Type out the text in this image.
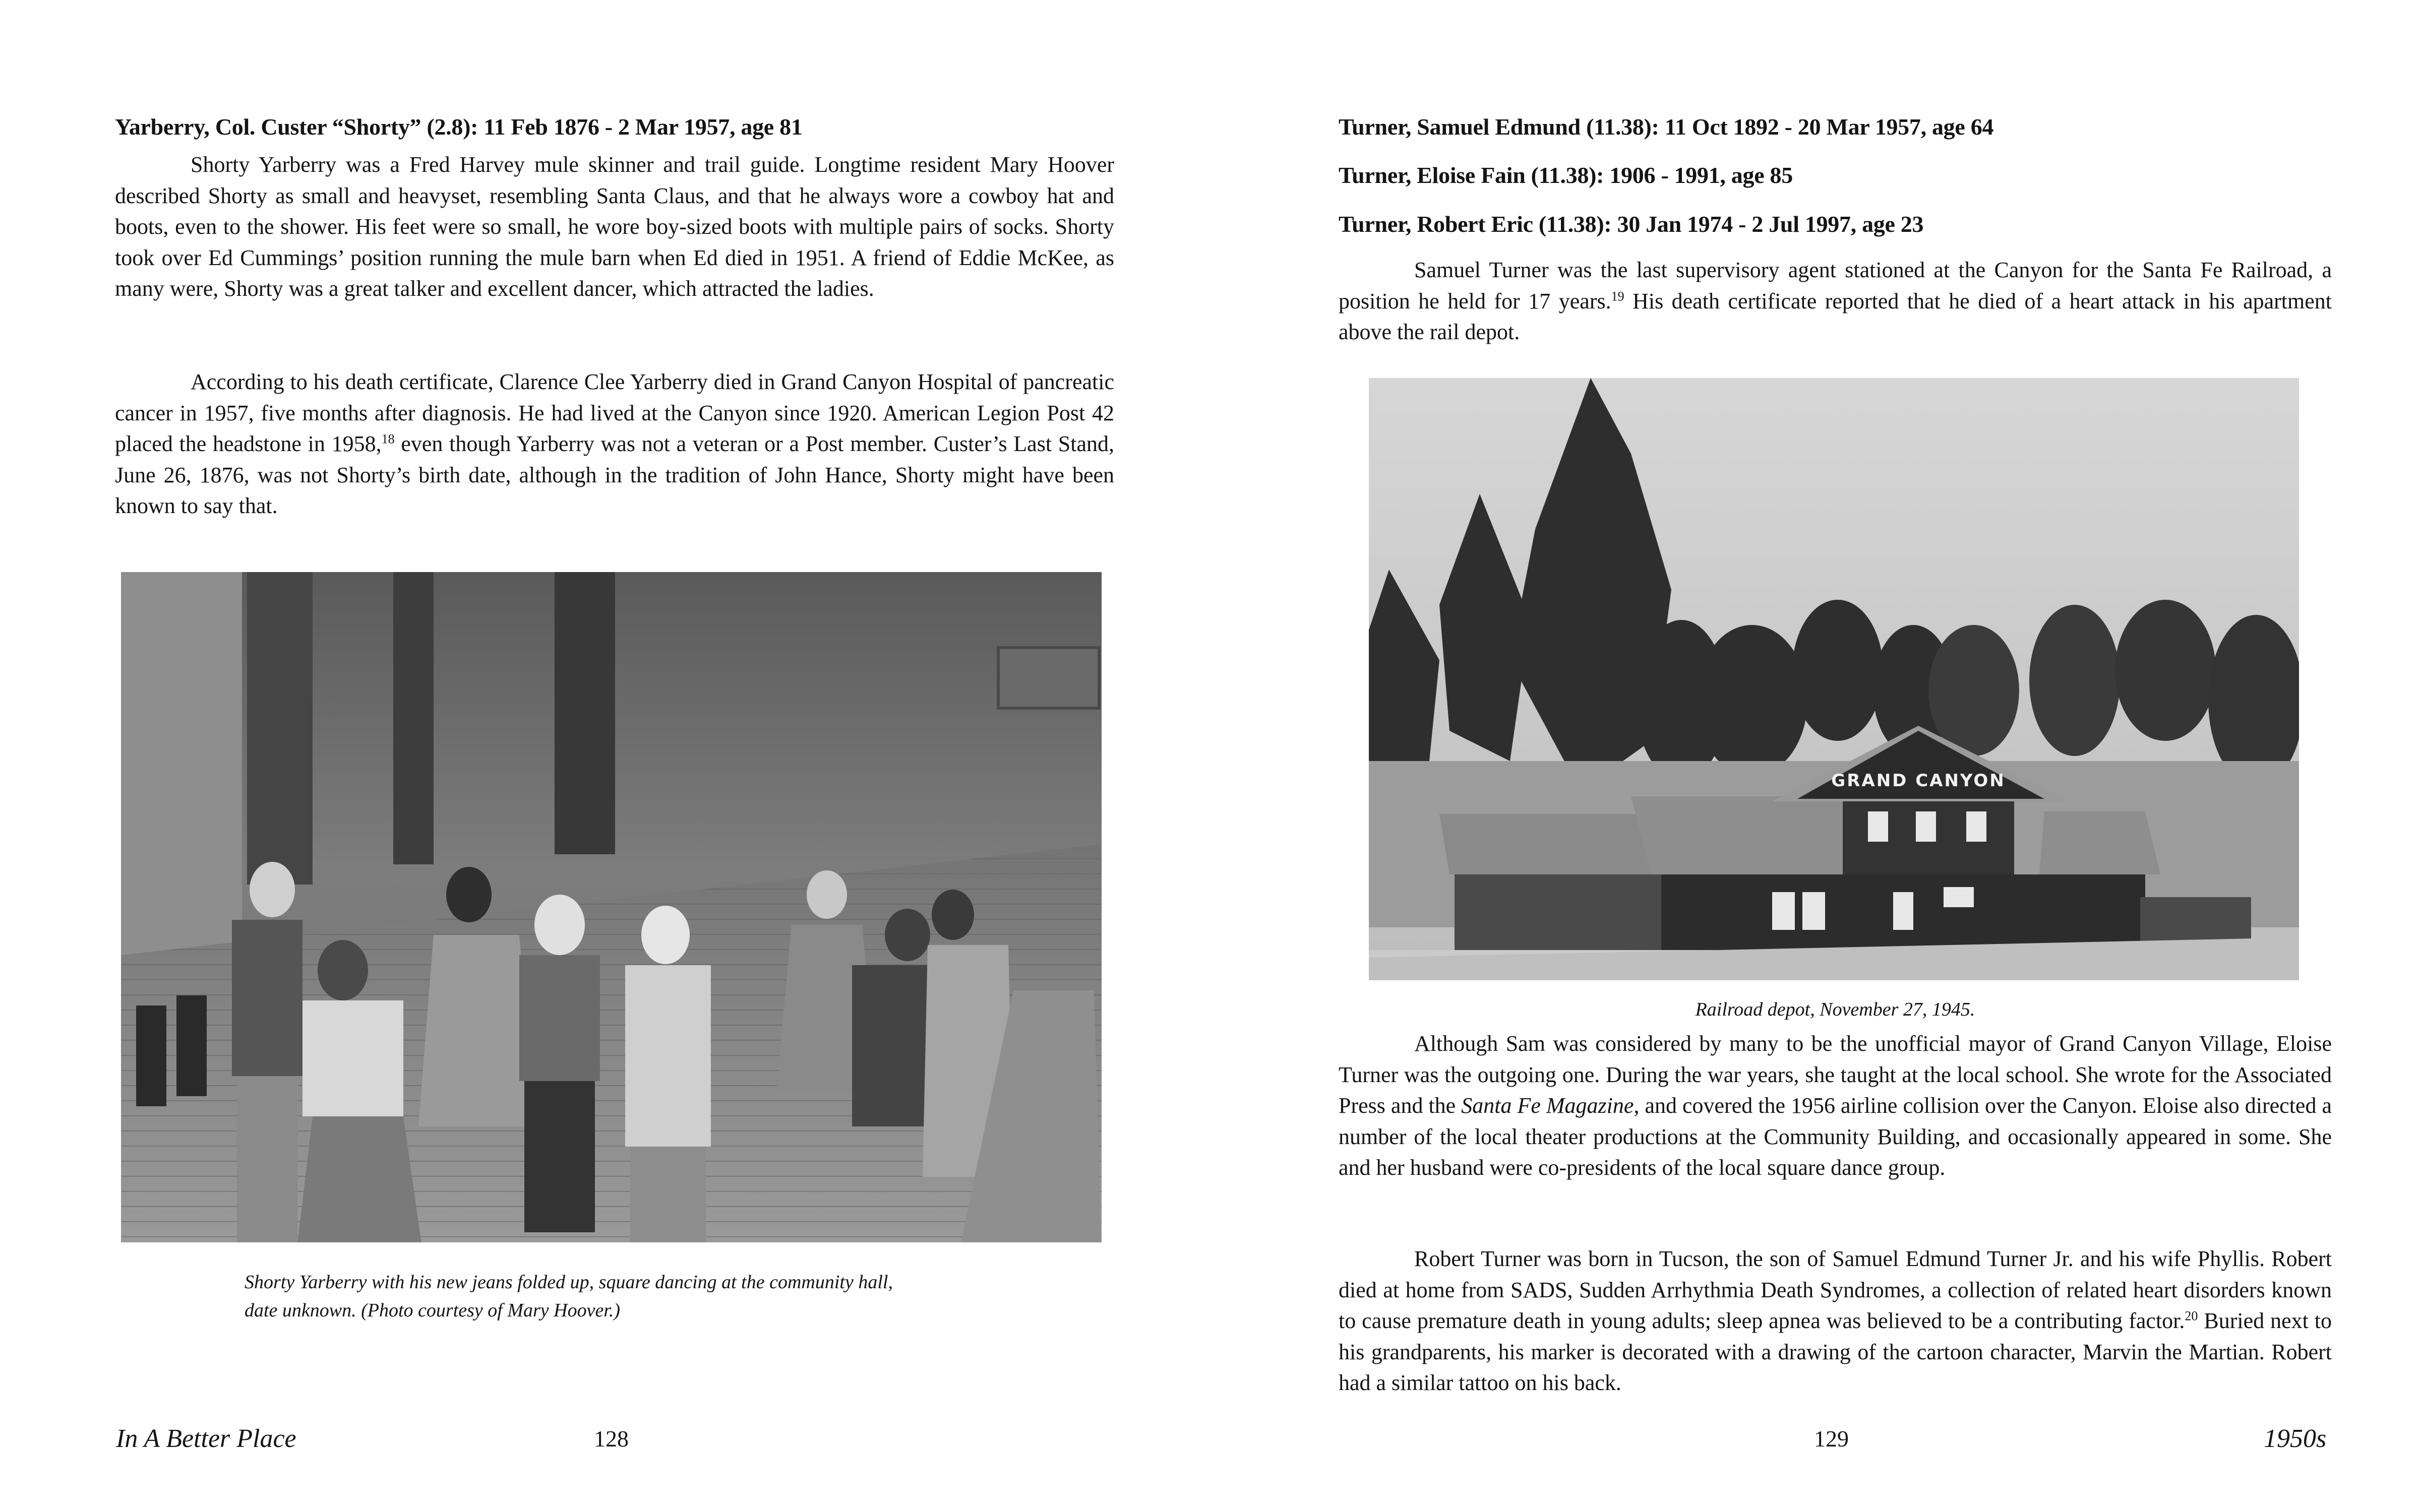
Yarberry, Col. Custer “Shorty” (2.8): 11 Feb 1876 - 2 Mar 1957, age 81

Shorty Yarberry was a Fred Harvey mule skinner and trail guide. Longtime resident Mary Hoover described Shorty as small and heavyset, resembling Santa Claus, and that he always wore a cowboy hat and boots, even to the shower. His feet were so small, he wore boy-sized boots with multiple pairs of socks. Shorty took over Ed Cummings’ position running the mule barn when Ed died in 1951. A friend of Eddie McKee, as many were, Shorty was a great talker and excellent dancer, which attracted the ladies.

According to his death certificate, Clarence Clee Yarberry died in Grand Canyon Hospital of pancreatic cancer in 1957, five months after diagnosis. He had lived at the Canyon since 1920. American Legion Post 42 placed the headstone in 1958,18 even though Yarberry was not a veteran or a Post member. Custer’s Last Stand, June 26, 1876, was not Shorty’s birth date, although in the tradition of John Hance, Shorty might have been known to say that.

Shorty Yarberry with his new jeans folded up, square dancing at the community hall,
date unknown. (Photo courtesy of Mary Hoover.)
In A Better Place	128
Turner, Samuel Edmund (11.38): 11 Oct 1892 - 20 Mar 1957, age 64
Turner, Eloise Fain (11.38): 1906 - 1991, age 85
Turner, Robert Eric (11.38): 30 Jan 1974 - 2 Jul 1997, age 23

Samuel Turner was the last supervisory agent stationed at the Canyon for the Santa Fe Railroad, a position he held for 17 years.$^{19}$ His death certificate reported that he died of a heart attack in his apartment above the rail depot.

GRAND CANYON
Railroad depot, November 27, 1945.

Although Sam was considered by many to be the unofficial mayor of Grand Canyon Village, Eloise Turner was the outgoing one. During the war years, she taught at the local school. She wrote for the Associated Press and the Santa Fe Magazine, and covered the 1956 airline collision over the Canyon. Eloise also directed a number of the local theater productions at the Community Building, and occasionally appeared in some. She and her husband were co-presidents of the local square dance group.

Robert Turner was born in Tucson, the son of Samuel Edmund Turner Jr. and his wife Phyllis. Robert died at home from SADS, Sudden Arrhythmia Death Syndromes, a collection of related heart disorders known to cause premature death in young adults; sleep apnea was believed to be a contributing factor.$^{20}$ Buried next to his grandparents, his marker is decorated with a drawing of the cartoon character, Marvin the Martian. Robert had a similar tattoo on his back.

129	1950s
